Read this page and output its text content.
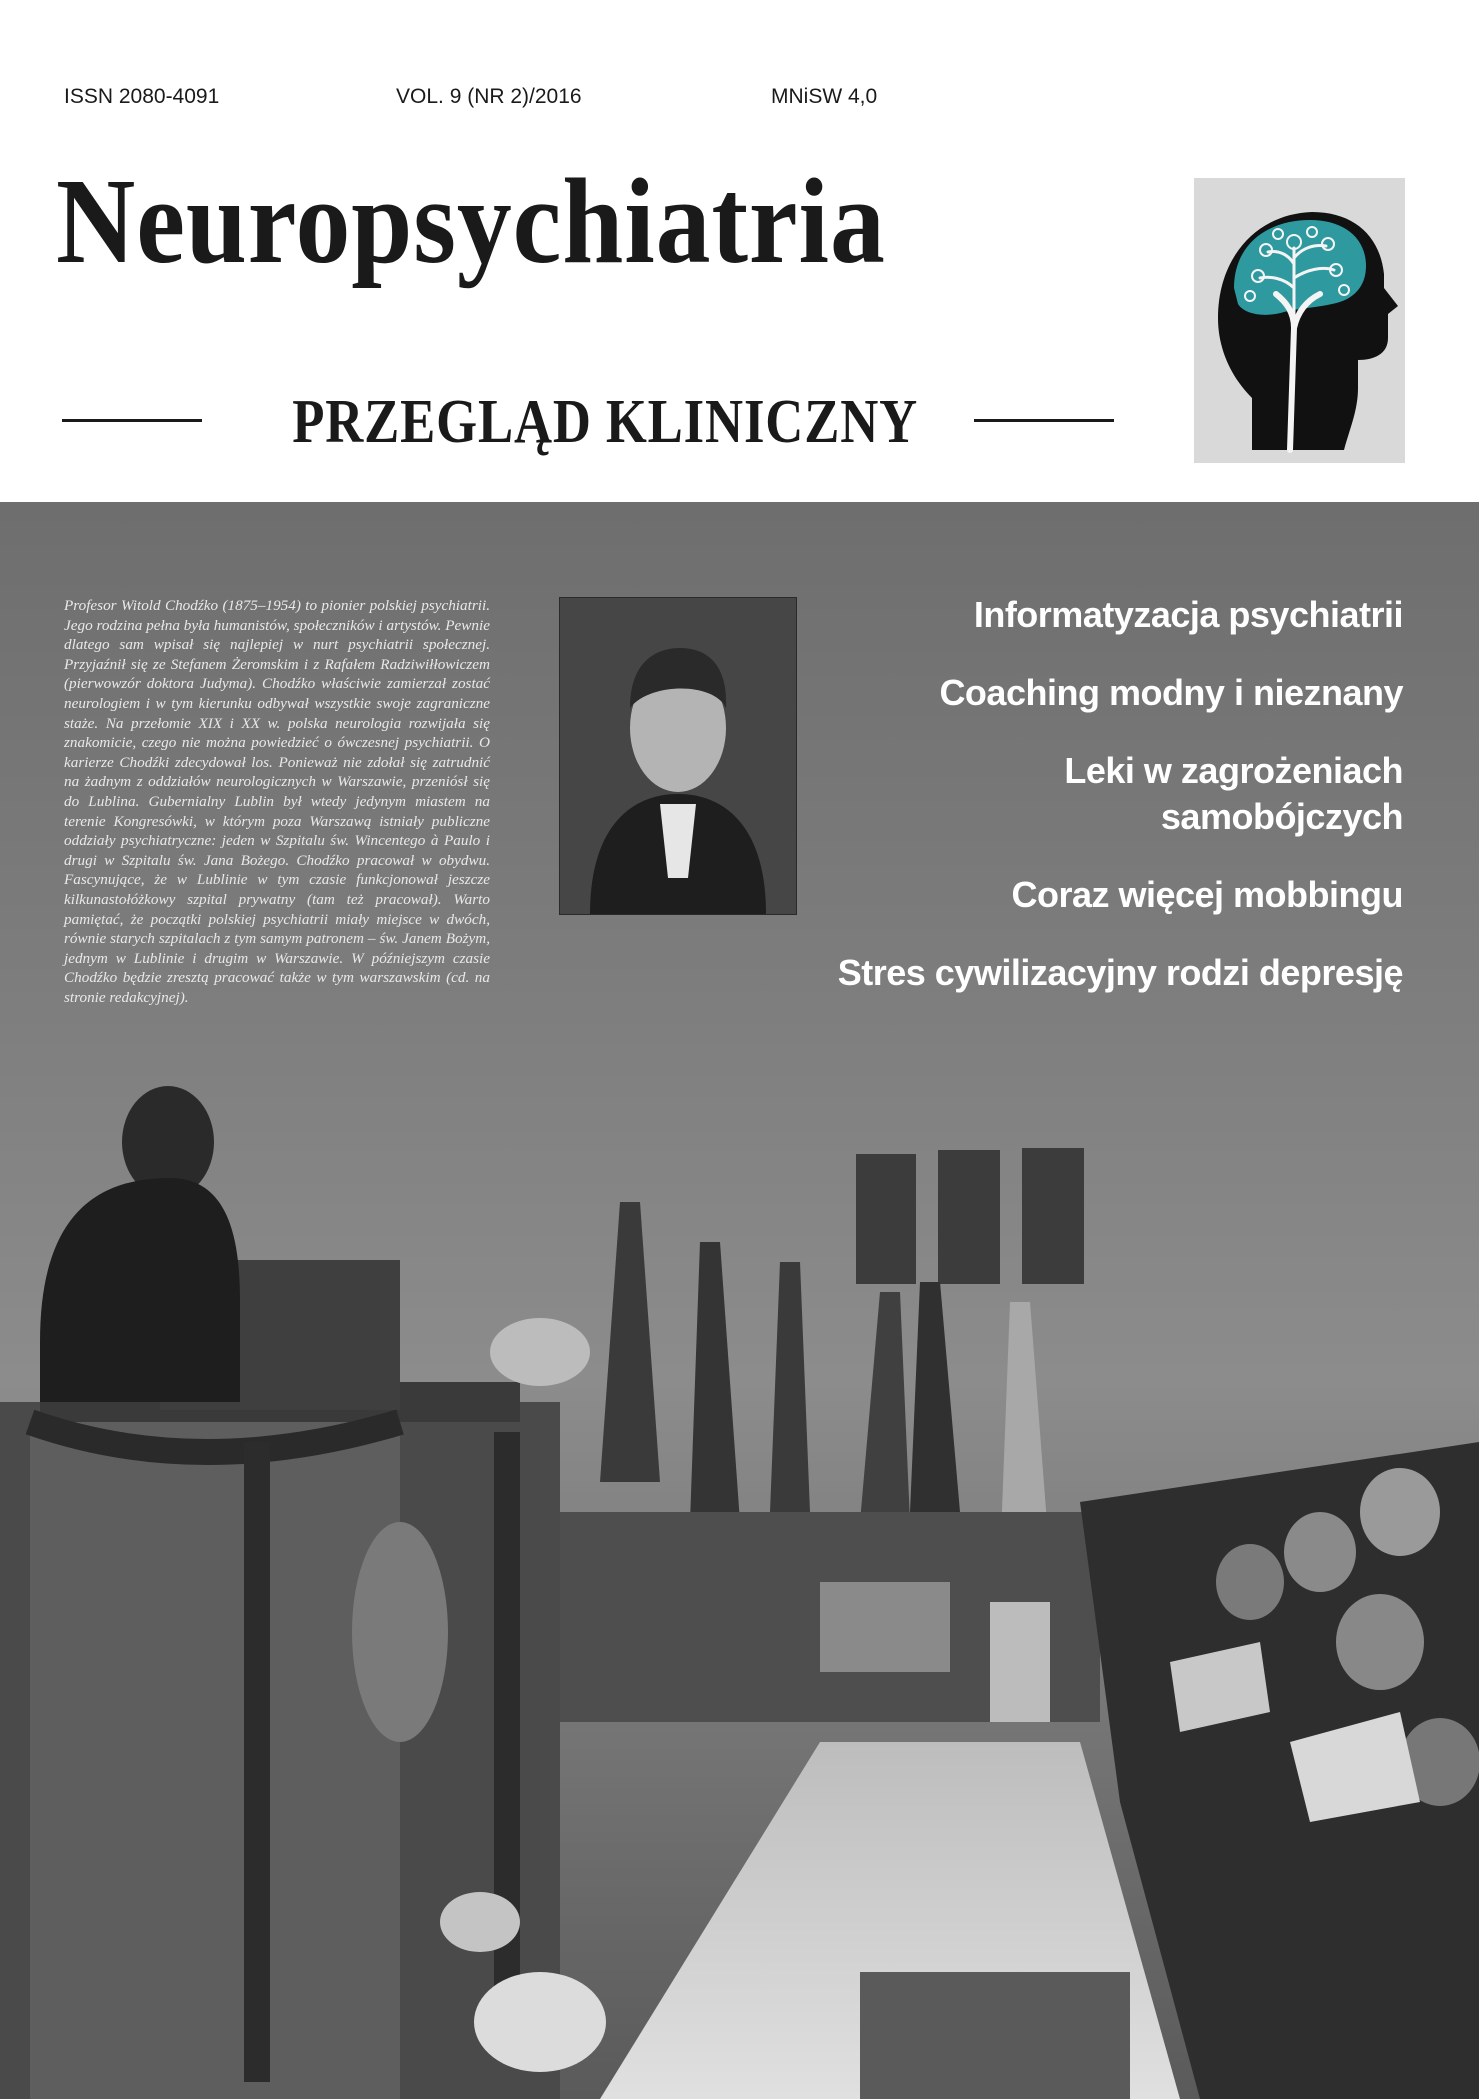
ISSN 2080-4091	VOL. 9 (NR 2)/2016	MNiSW 4,0
Neuropsychiatria
PRZEGLĄD KLINICZNY
Profesor Witold Chodźko (1875–1954) to pionier polskiej psychiatrii. Jego rodzina pełna była humanistów, społeczników i artystów. Pewnie dlatego sam wpisał się najlepiej w nurt psychiatrii społecznej. Przyjaźnił się ze Stefanem Żeromskim i z Rafałem Radziwiłłowiczem (pierwowzór doktora Judyma). Chodźko właściwie zamierzał zostać neurologiem i w tym kierunku odbywał wszystkie swoje zagraniczne staże. Na przełomie XIX i XX w. polska neurologia rozwijała się znakomicie, czego nie można powiedzieć o ówczesnej psychiatrii. O karierze Chodźki zdecydował los. Ponieważ nie zdołał się zatrudnić na żadnym z oddziałów neurologicznych w Warszawie, przeniósł się do Lublina. Gubernialny Lublin był wtedy jedynym miastem na terenie Kongresówki, w którym poza Warszawą istniały publiczne oddziały psychiatryczne: jeden w Szpitalu św. Wincentego à Paulo i drugi w Szpitalu św. Jana Bożego. Chodźko pracował w obydwu. Fascynujące, że w Lublinie w tym czasie funkcjonował jeszcze kilkunastołóżkowy szpital prywatny (tam też pracował). Warto pamiętać, że początki polskiej psychiatrii miały miejsce w dwóch, równie starych szpitalach z tym samym patronem – św. Janem Bożym, jednym w Lublinie i drugim w Warszawie. W późniejszym czasie Chodźko będzie zresztą pracować także w tym warszawskim (cd. na stronie redakcyjnej).
Informatyzacja psychiatrii
Coaching modny i nieznany
Leki w zagrożeniach samobójczych
Coraz więcej mobbingu
Stres cywilizacyjny rodzi depresję
